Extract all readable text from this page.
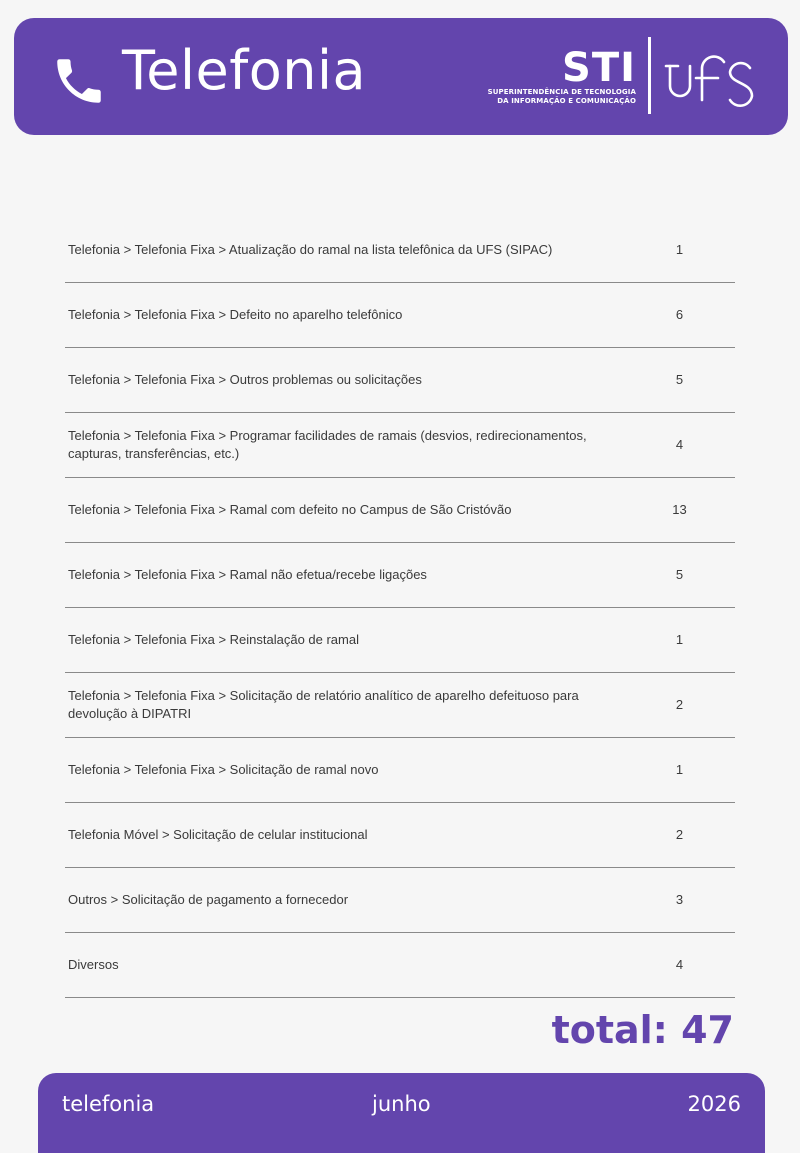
Telefonia	STI
SUPERINTENDÊNCIA DE TECNOLOGIA
DA INFORMAÇÃO E COMUNICAÇÃO
Telefonia > Telefonia Fixa > Atualização do ramal na lista telefônica da UFS (SIPAC)	1
Telefonia > Telefonia Fixa > Defeito no aparelho telefônico	6
Telefonia > Telefonia Fixa > Outros problemas ou solicitações	5
Telefonia > Telefonia Fixa > Programar facilidades de ramais (desvios, redirecionamentos, capturas, transferências, etc.)	4
Telefonia > Telefonia Fixa > Ramal com defeito no Campus de São Cristóvão	13
Telefonia > Telefonia Fixa > Ramal não efetua/recebe ligações	5
Telefonia > Telefonia Fixa > Reinstalação de ramal	1
Telefonia > Telefonia Fixa > Solicitação de relatório analítico de aparelho defeituoso para devolução à DIPATRI	2
Telefonia > Telefonia Fixa > Solicitação de ramal novo	1
Telefonia Móvel > Solicitação de celular institucional	2
Outros > Solicitação de pagamento a fornecedor	3
Diversos	4
total: 47
telefonia	junho	2026
